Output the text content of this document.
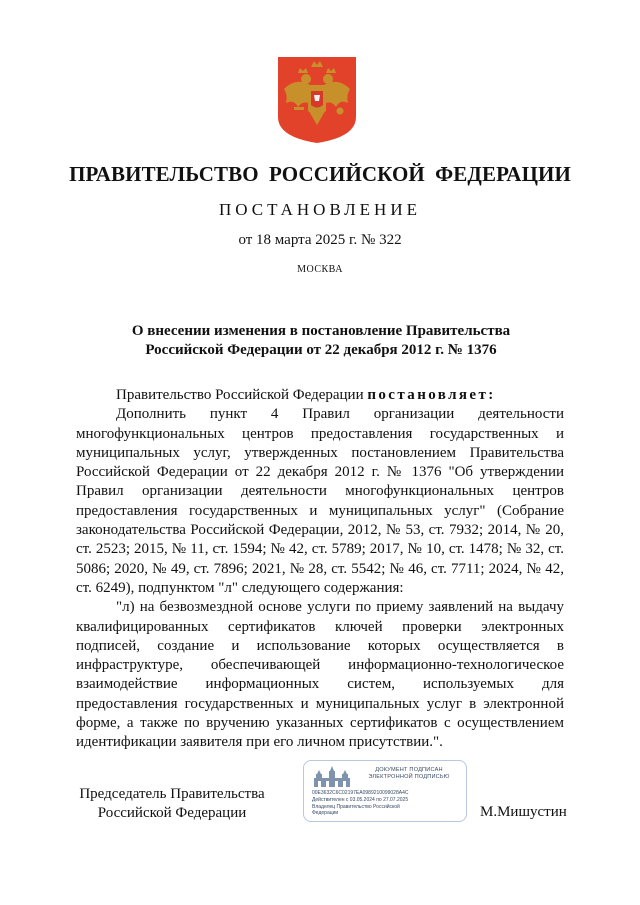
ПРАВИТЕЛЬСТВО РОССИЙСКОЙ ФЕДЕРАЦИИ
ПОСТАНОВЛЕНИЕ
от 18 марта 2025 г. № 322
МОСКВА
О внесении изменения в постановление Правительства
Российской Федерации от 22 декабря 2012 г. № 1376

Правительство Российской Федерации постановляет:

Дополнить пункт 4 Правил организации деятельности многофункциональных центров предоставления государственных и муниципальных услуг, утвержденных постановлением Правительства Российской Федерации от 22 декабря 2012 г. № 1376 "Об утверждении Правил организации деятельности многофункциональных центров предоставления государственных и муниципальных услуг" (Собрание законодательства Российской Федерации, 2012, № 53, ст. 7932; 2014, № 20, ст. 2523; 2015, № 11, ст. 1594; № 42, ст. 5789; 2017, № 10, ст. 1478; № 32, ст. 5086; 2020, № 49, ст. 7896; 2021, № 28, ст. 5542; № 46, ст. 7711; 2024, № 42, ст. 6249), подпунктом "л" следующего содержания:

"л) на безвозмездной основе услуги по приему заявлений на выдачу квалифицированных сертификатов ключей проверки электронных подписей, создание и использование которых осуществляется в инфраструктуре, обеспечивающей информационно-технологическое взаимодействие информационных систем, используемых для предоставления государственных и муниципальных услуг в электронной форме, а также по вручению указанных сертификатов с осуществлением идентификации заявителя при его личном присутствии.".

Председатель Правительства
Российской Федерации
ДОКУМЕНТ ПОДПИСАН
ЭЛЕКТРОННОЙ ПОДПИСЬЮ
00E3632C6C02197EA0989210099028A4C
Действителен с 03.05.2024 по 27.07.2025
Владелец Правительство Российской
Федерации	М.Мишустин
